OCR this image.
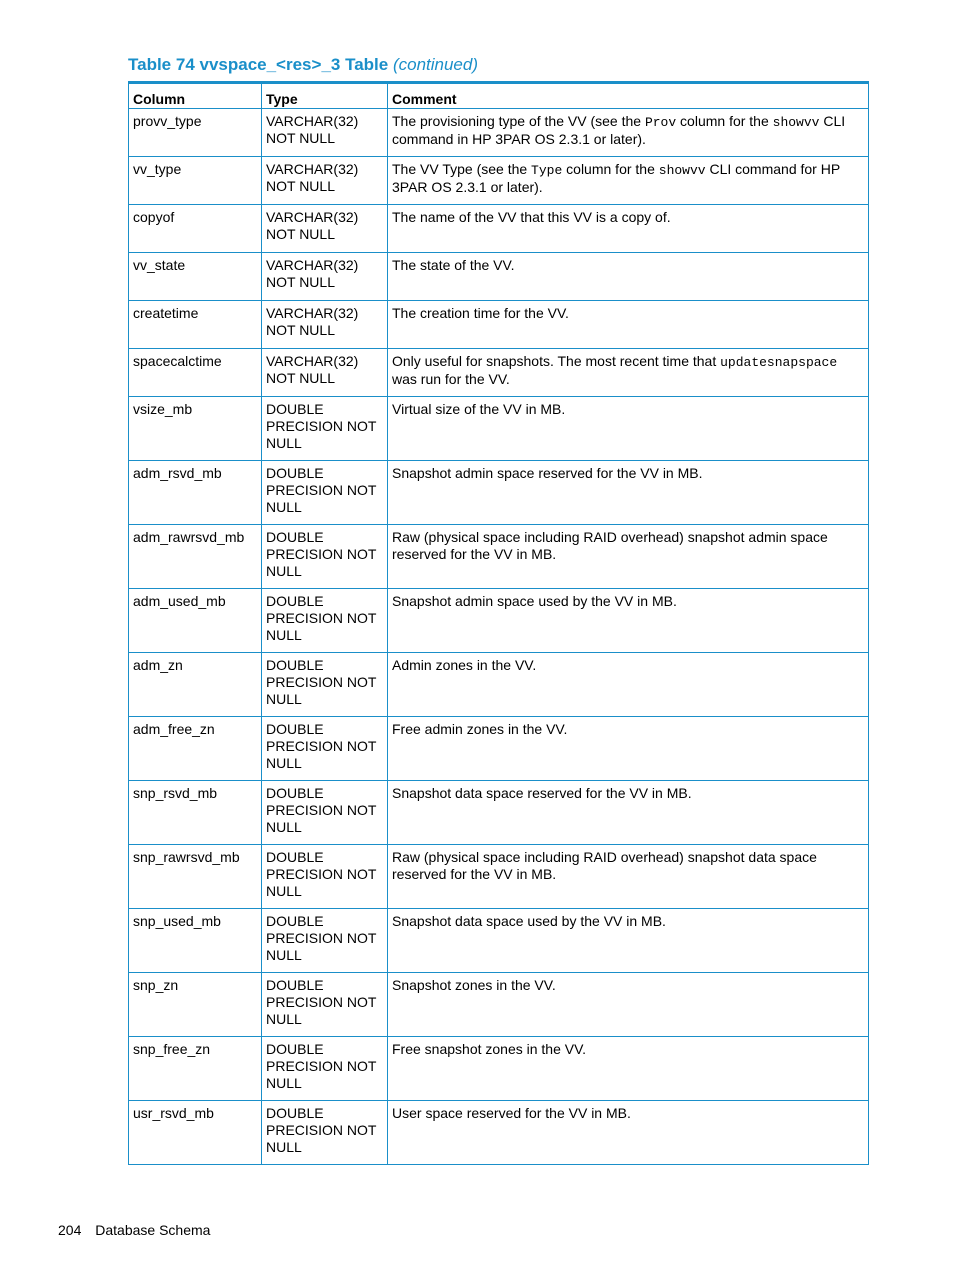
Table 74 vvspace_<res>_3 Table (continued)
Column	Type	Comment
provv_type	VARCHAR(32) NOT NULL	The provisioning type of the VV (see the Prov column for the showvv CLI command in HP 3PAR OS 2.3.1 or later).
vv_type	VARCHAR(32) NOT NULL	The VV Type (see the Type column for the showvv CLI command for HP 3PAR OS 2.3.1 or later).
copyof	VARCHAR(32) NOT NULL	The name of the VV that this VV is a copy of.
vv_state	VARCHAR(32) NOT NULL	The state of the VV.
createtime	VARCHAR(32) NOT NULL	The creation time for the VV.
spacecalctime	VARCHAR(32) NOT NULL	Only useful for snapshots. The most recent time that updatesnapspace was run for the VV.
vsize_mb	DOUBLE PRECISION NOT NULL	Virtual size of the VV in MB.
adm_rsvd_mb	DOUBLE PRECISION NOT NULL	Snapshot admin space reserved for the VV in MB.
adm_rawrsvd_mb	DOUBLE PRECISION NOT NULL	Raw (physical space including RAID overhead) snapshot admin space reserved for the VV in MB.
adm_used_mb	DOUBLE PRECISION NOT NULL	Snapshot admin space used by the VV in MB.
adm_zn	DOUBLE PRECISION NOT NULL	Admin zones in the VV.
adm_free_zn	DOUBLE PRECISION NOT NULL	Free admin zones in the VV.
snp_rsvd_mb	DOUBLE PRECISION NOT NULL	Snapshot data space reserved for the VV in MB.
snp_rawrsvd_mb	DOUBLE PRECISION NOT NULL	Raw (physical space including RAID overhead) snapshot data space reserved for the VV in MB.
snp_used_mb	DOUBLE PRECISION NOT NULL	Snapshot data space used by the VV in MB.
snp_zn	DOUBLE PRECISION NOT NULL	Snapshot zones in the VV.
snp_free_zn	DOUBLE PRECISION NOT NULL	Free snapshot zones in the VV.
usr_rsvd_mb	DOUBLE PRECISION NOT NULL	User space reserved for the VV in MB.
204 Database Schema
